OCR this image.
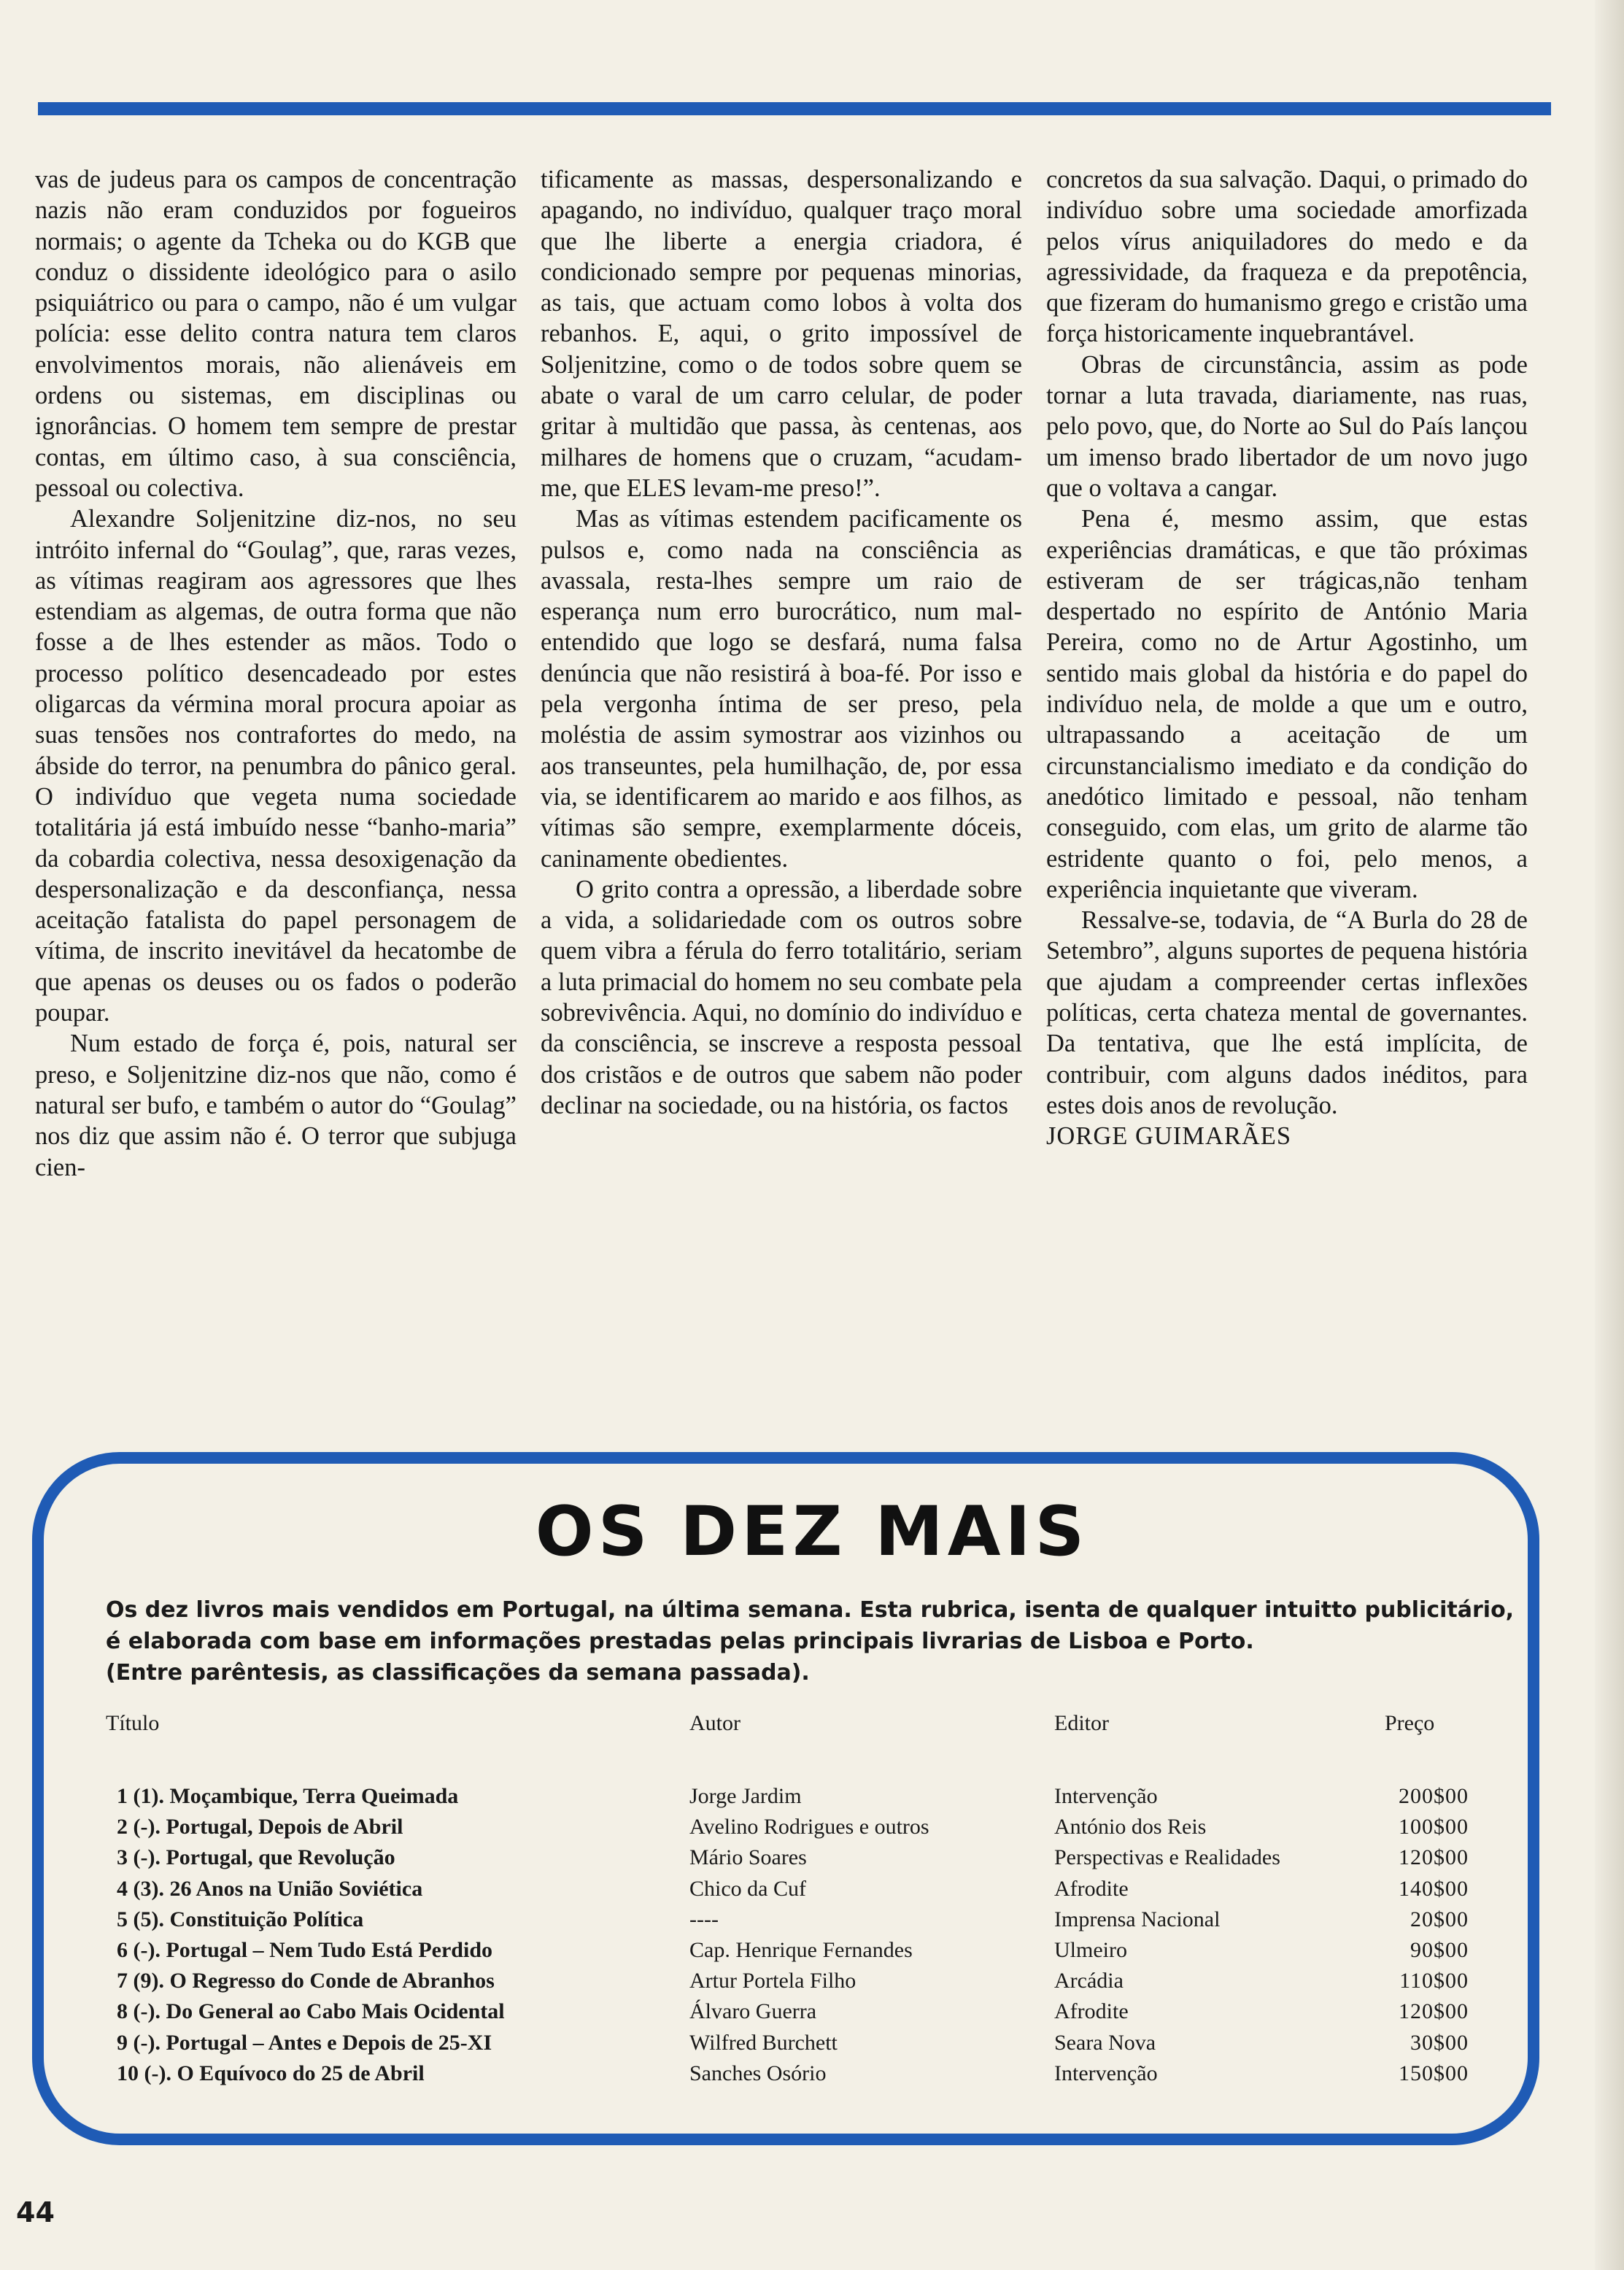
vas de judeus para os campos de concentração nazis não eram conduzidos por fogueiros normais; o agente da Tcheka ou do KGB que conduz o dissidente ideológico para o asilo psiquiátrico ou para o campo, não é um vulgar polícia: esse delito contra natura tem claros envolvimentos morais, não alienáveis em ordens ou sistemas, em disciplinas ou ignorâncias. O homem tem sempre de prestar contas, em último caso, à sua consciência, pessoal ou colectiva.

Alexandre Soljenitzine diz-nos, no seu intróito infernal do “Goulag”, que, raras vezes, as vítimas reagiram aos agressores que lhes estendiam as algemas, de outra forma que não fosse a de lhes estender as mãos. Todo o processo político desencadeado por estes oligarcas da vérmina moral procura apoiar as suas tensões nos contrafortes do medo, na ábside do terror, na penumbra do pânico geral. O indivíduo que vegeta numa sociedade totalitária já está imbuído nesse “banho-maria” da cobardia colectiva, nessa desoxigenação da despersonalização e da desconfiança, nessa aceitação fatalista do papel personagem de vítima, de inscrito inevitável da hecatombe de que apenas os deuses ou os fados o poderão poupar.

Num estado de força é, pois, natural ser preso, e Soljenitzine diz-nos que não, como é natural ser bufo, e também o autor do “Goulag” nos diz que assim não é. O terror que subjuga cien-

tificamente as massas, despersonalizando e apagando, no indivíduo, qualquer traço moral que lhe liberte a energia criadora, é condicionado sempre por pequenas minorias, as tais, que actuam como lobos à volta dos rebanhos. E, aqui, o grito impossível de Soljenitzine, como o de todos sobre quem se abate o varal de um carro celular, de poder gritar à multidão que passa, às centenas, aos milhares de homens que o cruzam, “acudam-me, que ELES levam-me preso!”.

Mas as vítimas estendem pacificamente os pulsos e, como nada na consciência as avassala, resta-lhes sempre um raio de esperança num erro burocrático, num mal-entendido que logo se desfará, numa falsa denúncia que não resistirá à boa-fé. Por isso e pela vergonha íntima de ser preso, pela moléstia de assim symostrar aos vizinhos ou aos transeuntes, pela humilhação, de, por essa via, se identificarem ao marido e aos filhos, as vítimas são sempre, exemplarmente dóceis, caninamente obedientes.

O grito contra a opressão, a liberdade sobre a vida, a solidariedade com os outros sobre quem vibra a férula do ferro totalitário, seriam a luta primacial do homem no seu combate pela sobrevivência. Aqui, no domínio do indivíduo e da consciência, se inscreve a resposta pessoal dos cristãos e de outros que sabem não poder declinar na sociedade, ou na história, os factos

concretos da sua salvação. Daqui, o primado do indivíduo sobre uma sociedade amorfizada pelos vírus aniquiladores do medo e da agressividade, da fraqueza e da prepotência, que fizeram do humanismo grego e cristão uma força historicamente inquebrantável.

Obras de circunstância, assim as pode tornar a luta travada, diariamente, nas ruas, pelo povo, que, do Norte ao Sul do País lançou um imenso brado libertador de um novo jugo que o voltava a cangar.

Pena é, mesmo assim, que estas experiências dramáticas, e que tão próximas estiveram de ser trágicas,não tenham despertado no espírito de António Maria Pereira, como no de Artur Agostinho, um sentido mais global da história e do papel do indivíduo nela, de molde a que um e outro, ultrapassando a aceitação de um circunstancialismo imediato e da condição do anedótico limitado e pessoal, não tenham conseguido, com elas, um grito de alarme tão estridente quanto o foi, pelo menos, a experiência inquietante que viveram.

Ressalve-se, todavia, de “A Burla do 28 de Setembro”, alguns suportes de pequena história que ajudam a compreender certas inflexões políticas, certa chateza mental de governantes. Da tentativa, que lhe está implícita, de contribuir, com alguns dados inéditos, para estes dois anos de revolução.

JORGE GUIMARÃES

OS DEZ MAIS
Os dez livros mais vendidos em Portugal, na última semana. Esta rubrica, isenta de qualquer intuitto publicitário,
é elaborada com base em informações prestadas pelas principais livrarias de Lisboa e Porto.
(Entre parêntesis, as classificações da semana passada).
Título	Autor	Editor	Preço
1 (1). Moçambique, Terra Queimada	Jorge Jardim	Intervenção	200$00
2 (-). Portugal, Depois de Abril	Avelino Rodrigues e outros	António dos Reis	100$00
3 (-). Portugal, que Revolução	Mário Soares	Perspectivas e Realidades	120$00
4 (3). 26 Anos na União Soviética	Chico da Cuf	Afrodite	140$00
5 (5). Constituição Política	----	Imprensa Nacional	20$00
6 (-). Portugal – Nem Tudo Está Perdido	Cap. Henrique Fernandes	Ulmeiro	90$00
7 (9). O Regresso do Conde de Abranhos	Artur Portela Filho	Arcádia	110$00
8 (-). Do General ao Cabo Mais Ocidental	Álvaro Guerra	Afrodite	120$00
9 (-). Portugal – Antes e Depois de 25-XI	Wilfred Burchett	Seara Nova	30$00
10 (-). O Equívoco do 25 de Abril	Sanches Osório	Intervenção	150$00
44
